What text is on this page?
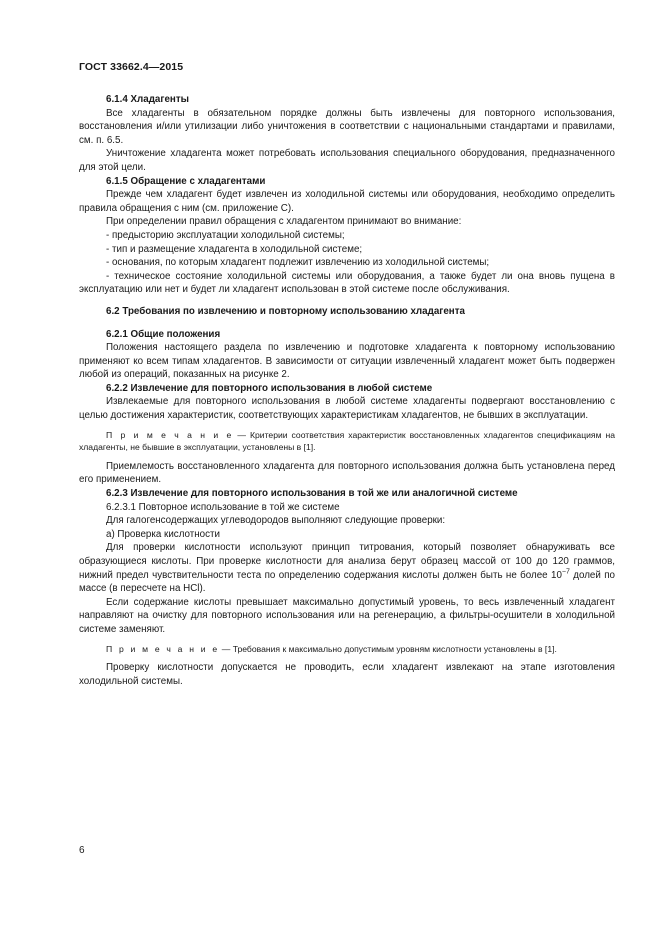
ГОСТ 33662.4—2015

6.1.4 Хладагенты

Все хладагенты в обязательном порядке должны быть извлечены для повторного использования, восстановления и/или утилизации либо уничтожения в соответствии с национальными стандартами и правилами, см. п. 6.5.

Уничтожение хладагента может потребовать использования специального оборудования, предназначенного для этой цели.

6.1.5 Обращение с хладагентами

Прежде чем хладагент будет извлечен из холодильной системы или оборудования, необходимо определить правила обращения с ним (см. приложение С).

При определении правил обращения с хладагентом принимают во внимание:

- предысторию эксплуатации холодильной системы;

- тип и размещение хладагента в холодильной системе;

- основания, по которым хладагент подлежит извлечению из холодильной системы;

- техническое состояние холодильной системы или оборудования, а также будет ли она вновь пущена в эксплуатацию или нет и будет ли хладагент использован в этой системе после обслуживания.

6.2 Требования по извлечению и повторному использованию хладагента

6.2.1 Общие положения

Положения настоящего раздела по извлечению и подготовке хладагента к повторному использованию применяют ко всем типам хладагентов. В зависимости от ситуации извлеченный хладагент может быть подвержен любой из операций, показанных на рисунке 2.

6.2.2 Извлечение для повторного использования в любой системе

Извлекаемые для повторного использования в любой системе хладагенты подвергают восстановлению с целью достижения характеристик, соответствующих характеристикам хладагентов, не бывших в эксплуатации.

П р и м е ч а н и е — Критерии соответствия характеристик восстановленных хладагентов спецификациям на хладагенты, не бывшие в эксплуатации, установлены в [1].

Приемлемость восстановленного хладагента для повторного использования должна быть установлена перед его применением.

6.2.3 Извлечение для повторного использования в той же или аналогичной системе

6.2.3.1 Повторное использование в той же системе

Для галогенсодержащих углеводородов выполняют следующие проверки:

а) Проверка кислотности

Для проверки кислотности используют принцип титрования, который позволяет обнаруживать все образующиеся кислоты. При проверке кислотности для анализа берут образец массой от 100 до 120 граммов, нижний предел чувствительности теста по определению содержания кислоты должен быть не более $10^{-7}$ долей по массе (в пересчете на HCl).

Если содержание кислоты превышает максимально допустимый уровень, то весь извлеченный хладагент направляют на очистку для повторного использования или на регенерацию, а фильтры-осушители в холодильной системе заменяют.

П р и м е ч а н и е — Требования к максимально допустимым уровням кислотности установлены в [1].

Проверку кислотности допускается не проводить, если хладагент извлекают на этапе изготовления холодильной системы.

6
